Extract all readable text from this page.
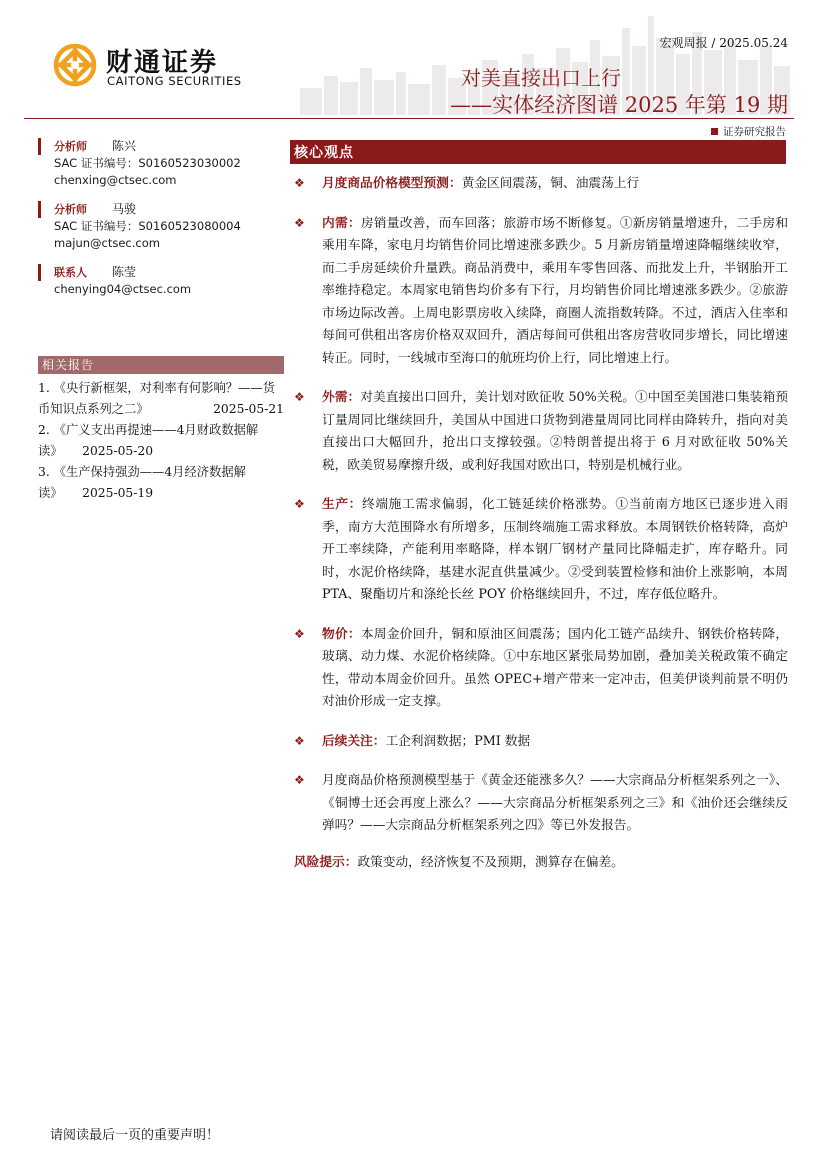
财通证券
CAITONG SECURITIES
宏观周报 / 2025.05.24
对美直接出口上行
——实体经济图谱 2025 年第 19 期
证券研究报告
分析师 陈兴
SAC 证书编号：S0160523030002
chenxing@ctsec.com
分析师 马骏
SAC 证书编号：S0160523080004
majun@ctsec.com
联系人 陈莹
chenying04@ctsec.com
相关报告
1. 《央行新框架，对利率有何影响？——货币知识点系列之二》	2025-05-21
2. 《广义支出再提速——4月财政数据解读》 2025-05-20
3. 《生产保持强劲——4月经济数据解读》 2025-05-19
核心观点
❖ 月度商品价格模型预测：黄金区间震荡，铜、油震荡上行
❖ 内需：房销量改善，而车回落；旅游市场不断修复。①新房销量增速升，二手房和乘用车降，家电月均销售价同比增速涨多跌少。5 月新房销量增速降幅继续收窄，而二手房延续价升量跌。商品消费中，乘用车零售回落、而批发上升，半钢胎开工率维持稳定。本周家电销售均价多有下行，月均销售价同比增速涨多跌少。②旅游市场边际改善。上周电影票房收入续降，商圈人流指数转降。不过，酒店入住率和每间可供租出客房价格双双回升，酒店每间可供租出客房营收同步增长，同比增速转正。同时，一线城市至海口的航班均价上行，同比增速上行。
❖ 外需：对美直接出口回升，美计划对欧征收 50%关税。①中国至美国港口集装箱预订量周同比继续回升，美国从中国进口货物到港量周同比同样由降转升，指向对美直接出口大幅回升，抢出口支撑较强。②特朗普提出将于 6 月对欧征收 50%关税，欧美贸易摩擦升级，或利好我国对欧出口，特别是机械行业。
❖ 生产：终端施工需求偏弱，化工链延续价格涨势。①当前南方地区已逐步进入雨季，南方大范围降水有所增多，压制终端施工需求释放。本周钢铁价格转降，高炉开工率续降，产能利用率略降，样本钢厂钢材产量同比降幅走扩，库存略升。同时，水泥价格续降，基建水泥直供量减少。②受到装置检修和油价上涨影响，本周 PTA、聚酯切片和涤纶长丝 POY 价格继续回升，不过，库存低位略升。
❖ 物价：本周金价回升，铜和原油区间震荡；国内化工链产品续升、钢铁价格转降，玻璃、动力煤、水泥价格续降。①中东地区紧张局势加剧，叠加美关税政策不确定性，带动本周金价回升。虽然 OPEC+增产带来一定冲击，但美伊谈判前景不明仍对油价形成一定支撑。
❖ 后续关注：工企利润数据；PMI 数据
❖ 月度商品价格预测模型基于《黄金还能涨多久？——大宗商品分析框架系列之一》、《铜博士还会再度上涨么？——大宗商品分析框架系列之三》和《油价还会继续反弹吗？——大宗商品分析框架系列之四》等已外发报告。
风险提示：政策变动，经济恢复不及预期，测算存在偏差。
请阅读最后一页的重要声明！
